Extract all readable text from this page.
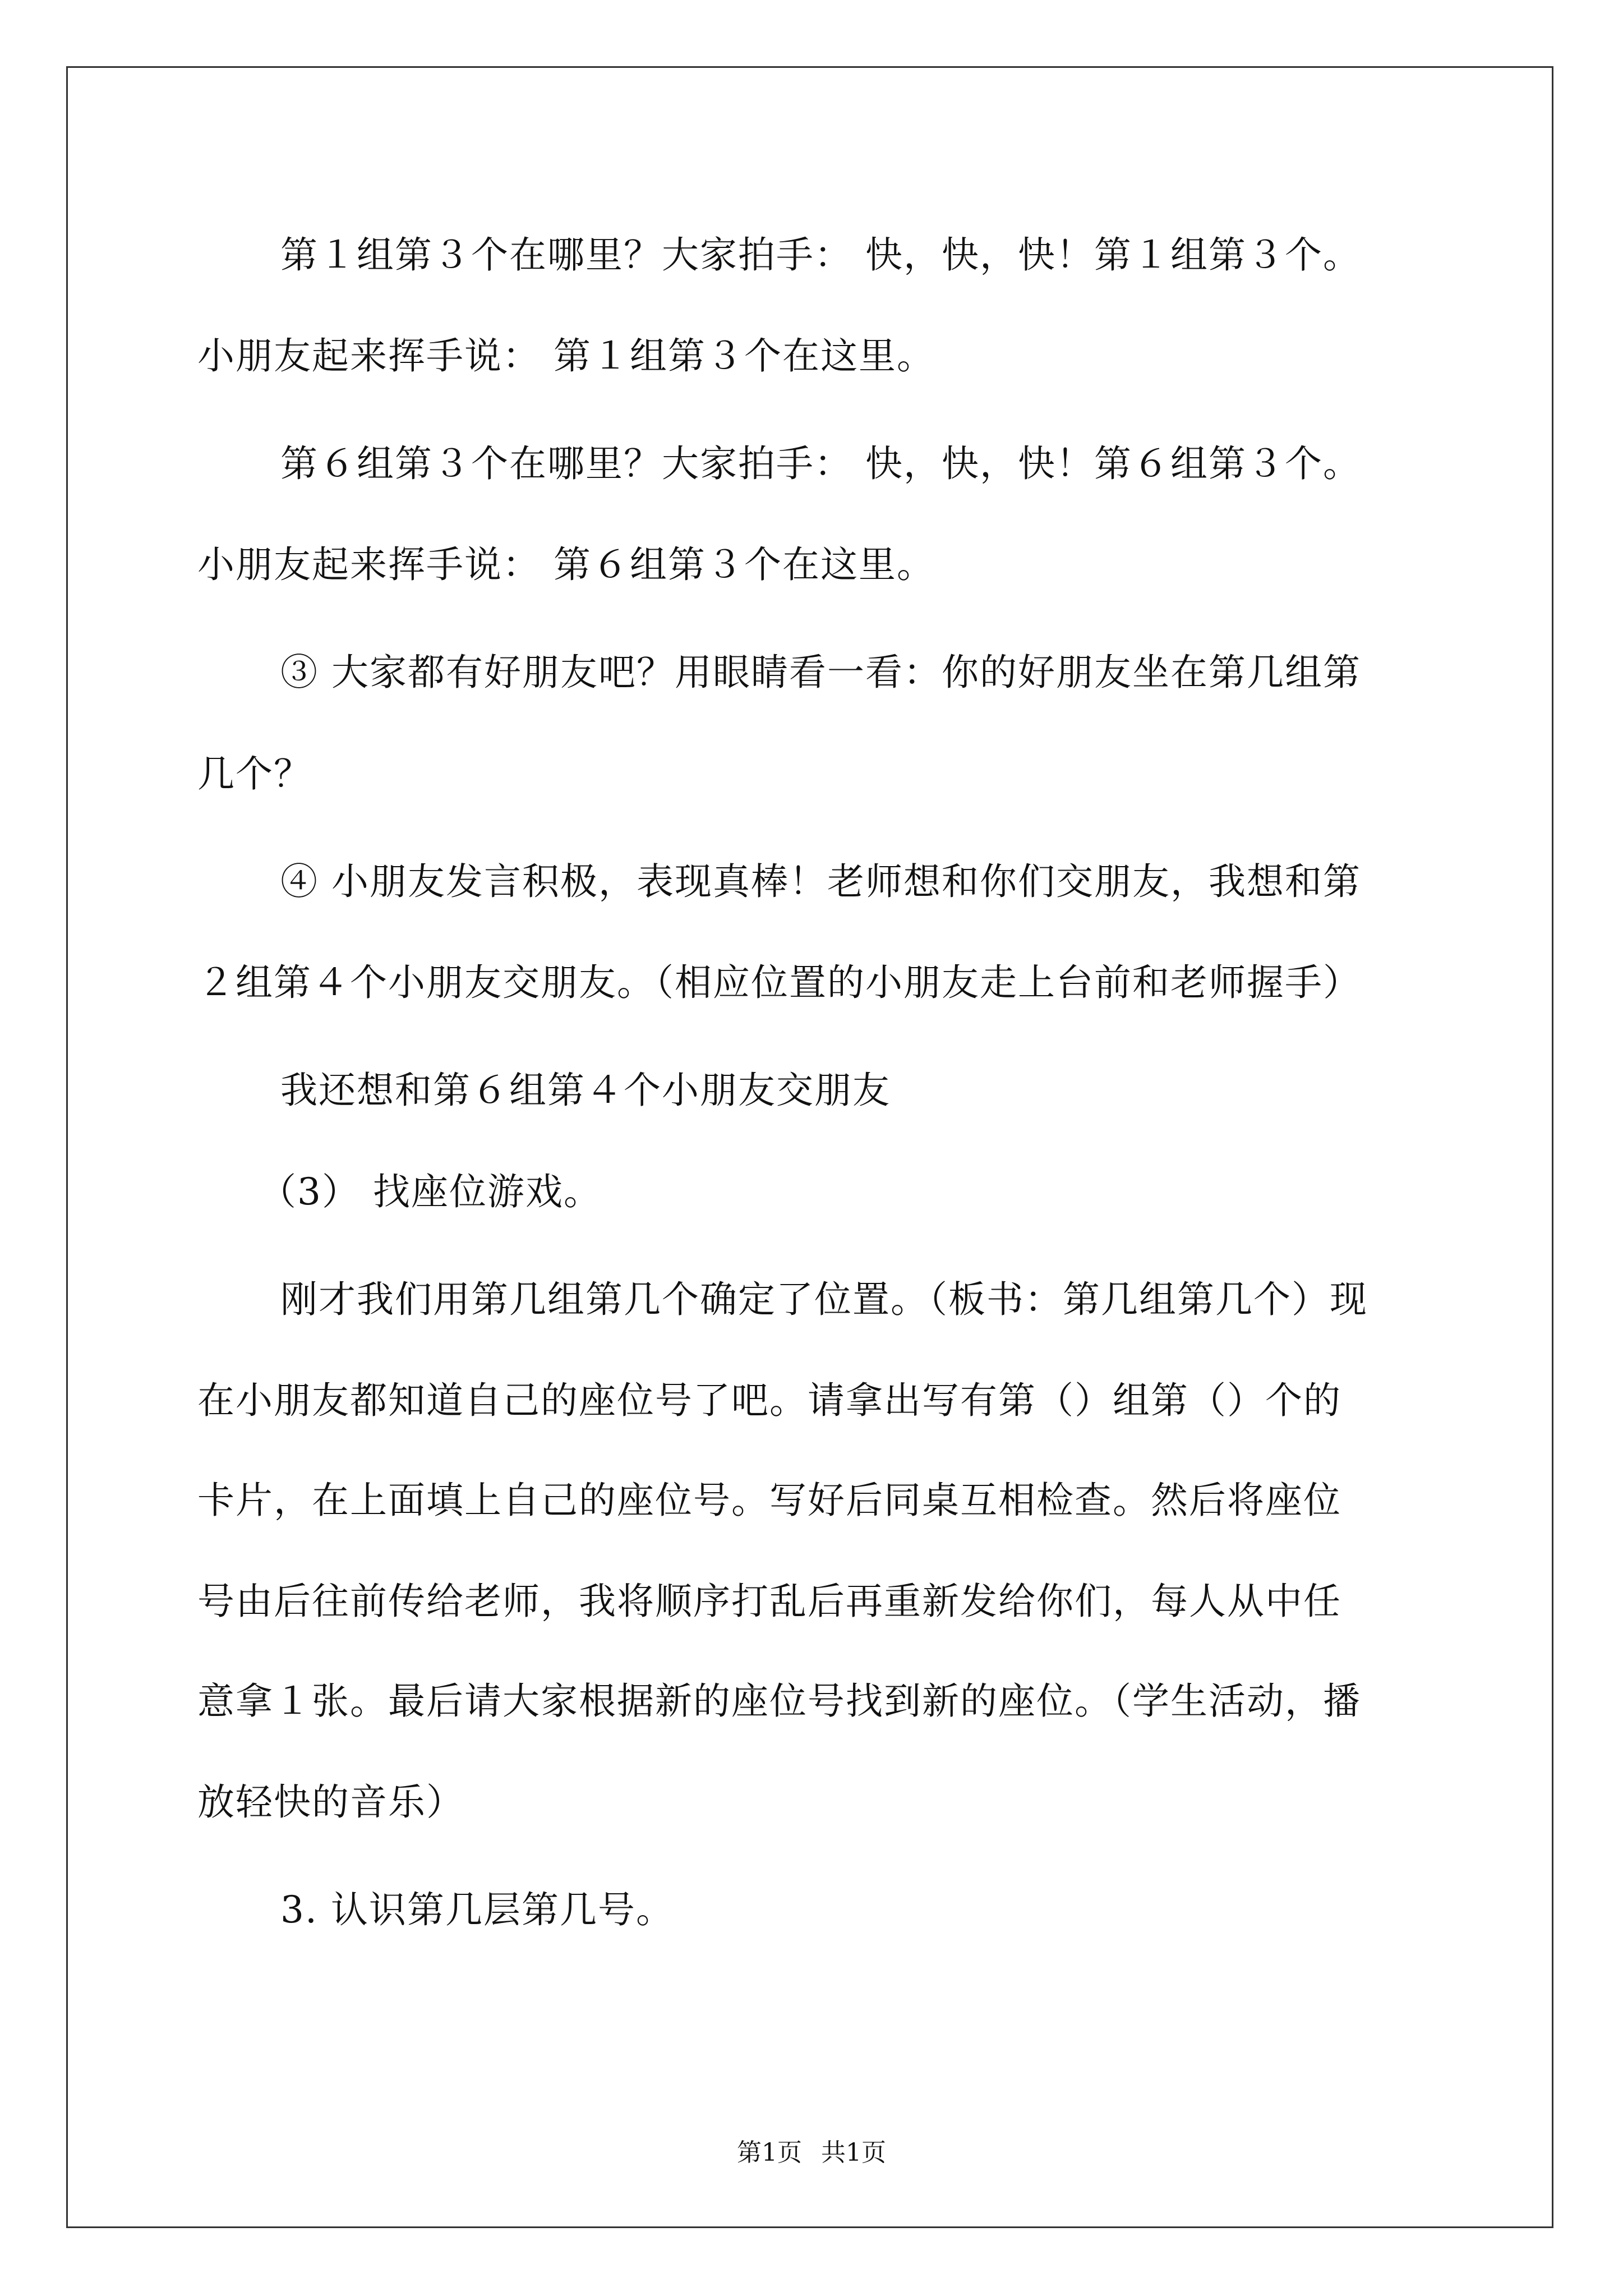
第１组第３个在哪里？大家拍手： 快，快，快！第１组第３个。
小朋友起来挥手说： 第１组第３个在这里。
第６组第３个在哪里？大家拍手： 快，快，快！第６组第３个。
小朋友起来挥手说： 第６组第３个在这里。
③ 大家都有好朋友吧？用眼睛看一看：你的好朋友坐在第几组第
几个？
④ 小朋友发言积极，表现真棒！老师想和你们交朋友，我想和第
２组第４个小朋友交朋友。（相应位置的小朋友走上台前和老师握手）
我还想和第６组第４个小朋友交朋友
（3） 找座位游戏。
刚才我们用第几组第几个确定了位置。（板书：第几组第几个）现
在小朋友都知道自己的座位号了吧。请拿出写有第（）组第（）个的
卡片，在上面填上自己的座位号。写好后同桌互相检查。然后将座位
号由后往前传给老师，我将顺序打乱后再重新发给你们，每人从中任
意拿１张。最后请大家根据新的座位号找到新的座位。（学生活动，播
放轻快的音乐）
3. 认识第几层第几号。
第1页 共1页
